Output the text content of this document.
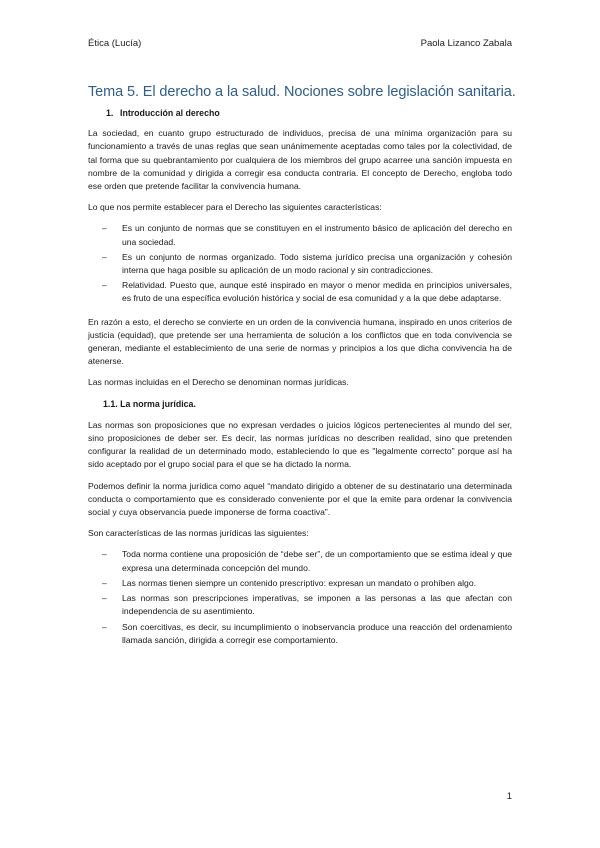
Ética (Lucía)	Paola Lizanco Zabala
Tema 5. El derecho a la salud. Nociones sobre legislación sanitaria.
1. Introducción al derecho

La sociedad, en cuanto grupo estructurado de individuos, precisa de una mínima organización para su funcionamiento a través de unas reglas que sean unánimemente aceptadas como tales por la colectividad, de tal forma que su quebrantamiento por cualquiera de los miembros del grupo acarree una sanción impuesta en nombre de la comunidad y dirigida a corregir esa conducta contraria. El concepto de Derecho, engloba todo ese orden que pretende facilitar la convivencia humana.

Lo que nos permite establecer para el Derecho las siguientes características:

– Es un conjunto de normas que se constituyen en el instrumento básico de aplicación del derecho en una sociedad.
– Es un conjunto de normas organizado. Todo sistema jurídico precisa una organización y cohesión interna que haga posible su aplicación de un modo racional y sin contradicciones.
– Relatividad. Puesto que, aunque esté inspirado en mayor o menor medida en principios universales, es fruto de una específica evolución histórica y social de esa comunidad y a la que debe adaptarse.

En razón a esto, el derecho se convierte en un orden de la convivencia humana, inspirado en unos criterios de justicia (equidad), que pretende ser una herramienta de solución a los conflictos que en toda convivencia se generan, mediante el establecimiento de una serie de normas y principios a los que dicha convivencia ha de atenerse.

Las normas incluidas en el Derecho se denominan normas jurídicas.

1.1. La norma jurídica.

Las normas son proposiciones que no expresan verdades o juicios lógicos pertenecientes al mundo del ser, sino proposiciones de deber ser. Es decir, las normas jurídicas no describen realidad, sino que pretenden configurar la realidad de un determinado modo, estableciendo lo que es "legalmente correcto" porque así ha sido aceptado por el grupo social para el que se ha dictado la norma.

Podemos definir la norma jurídica como aquel “mandato dirigido a obtener de su destinatario una determinada conducta o comportamiento que es considerado conveniente por el que la emite para ordenar la convivencia social y cuya observancia puede imponerse de forma coactiva”.

Son características de las normas jurídicas las siguientes:

– Toda norma contiene una proposición de “debe ser”, de un comportamiento que se estima ideal y que expresa una determinada concepción del mundo.
– Las normas tienen siempre un contenido prescriptivo: expresan un mandato o prohíben algo.
– Las normas son prescripciones imperativas, se imponen a las personas a las que afectan con independencia de su asentimiento.
– Son coercitivas, es decir, su incumplimiento o inobservancia produce una reacción del ordenamiento llamada sanción, dirigida a corregir ese comportamiento.
1
